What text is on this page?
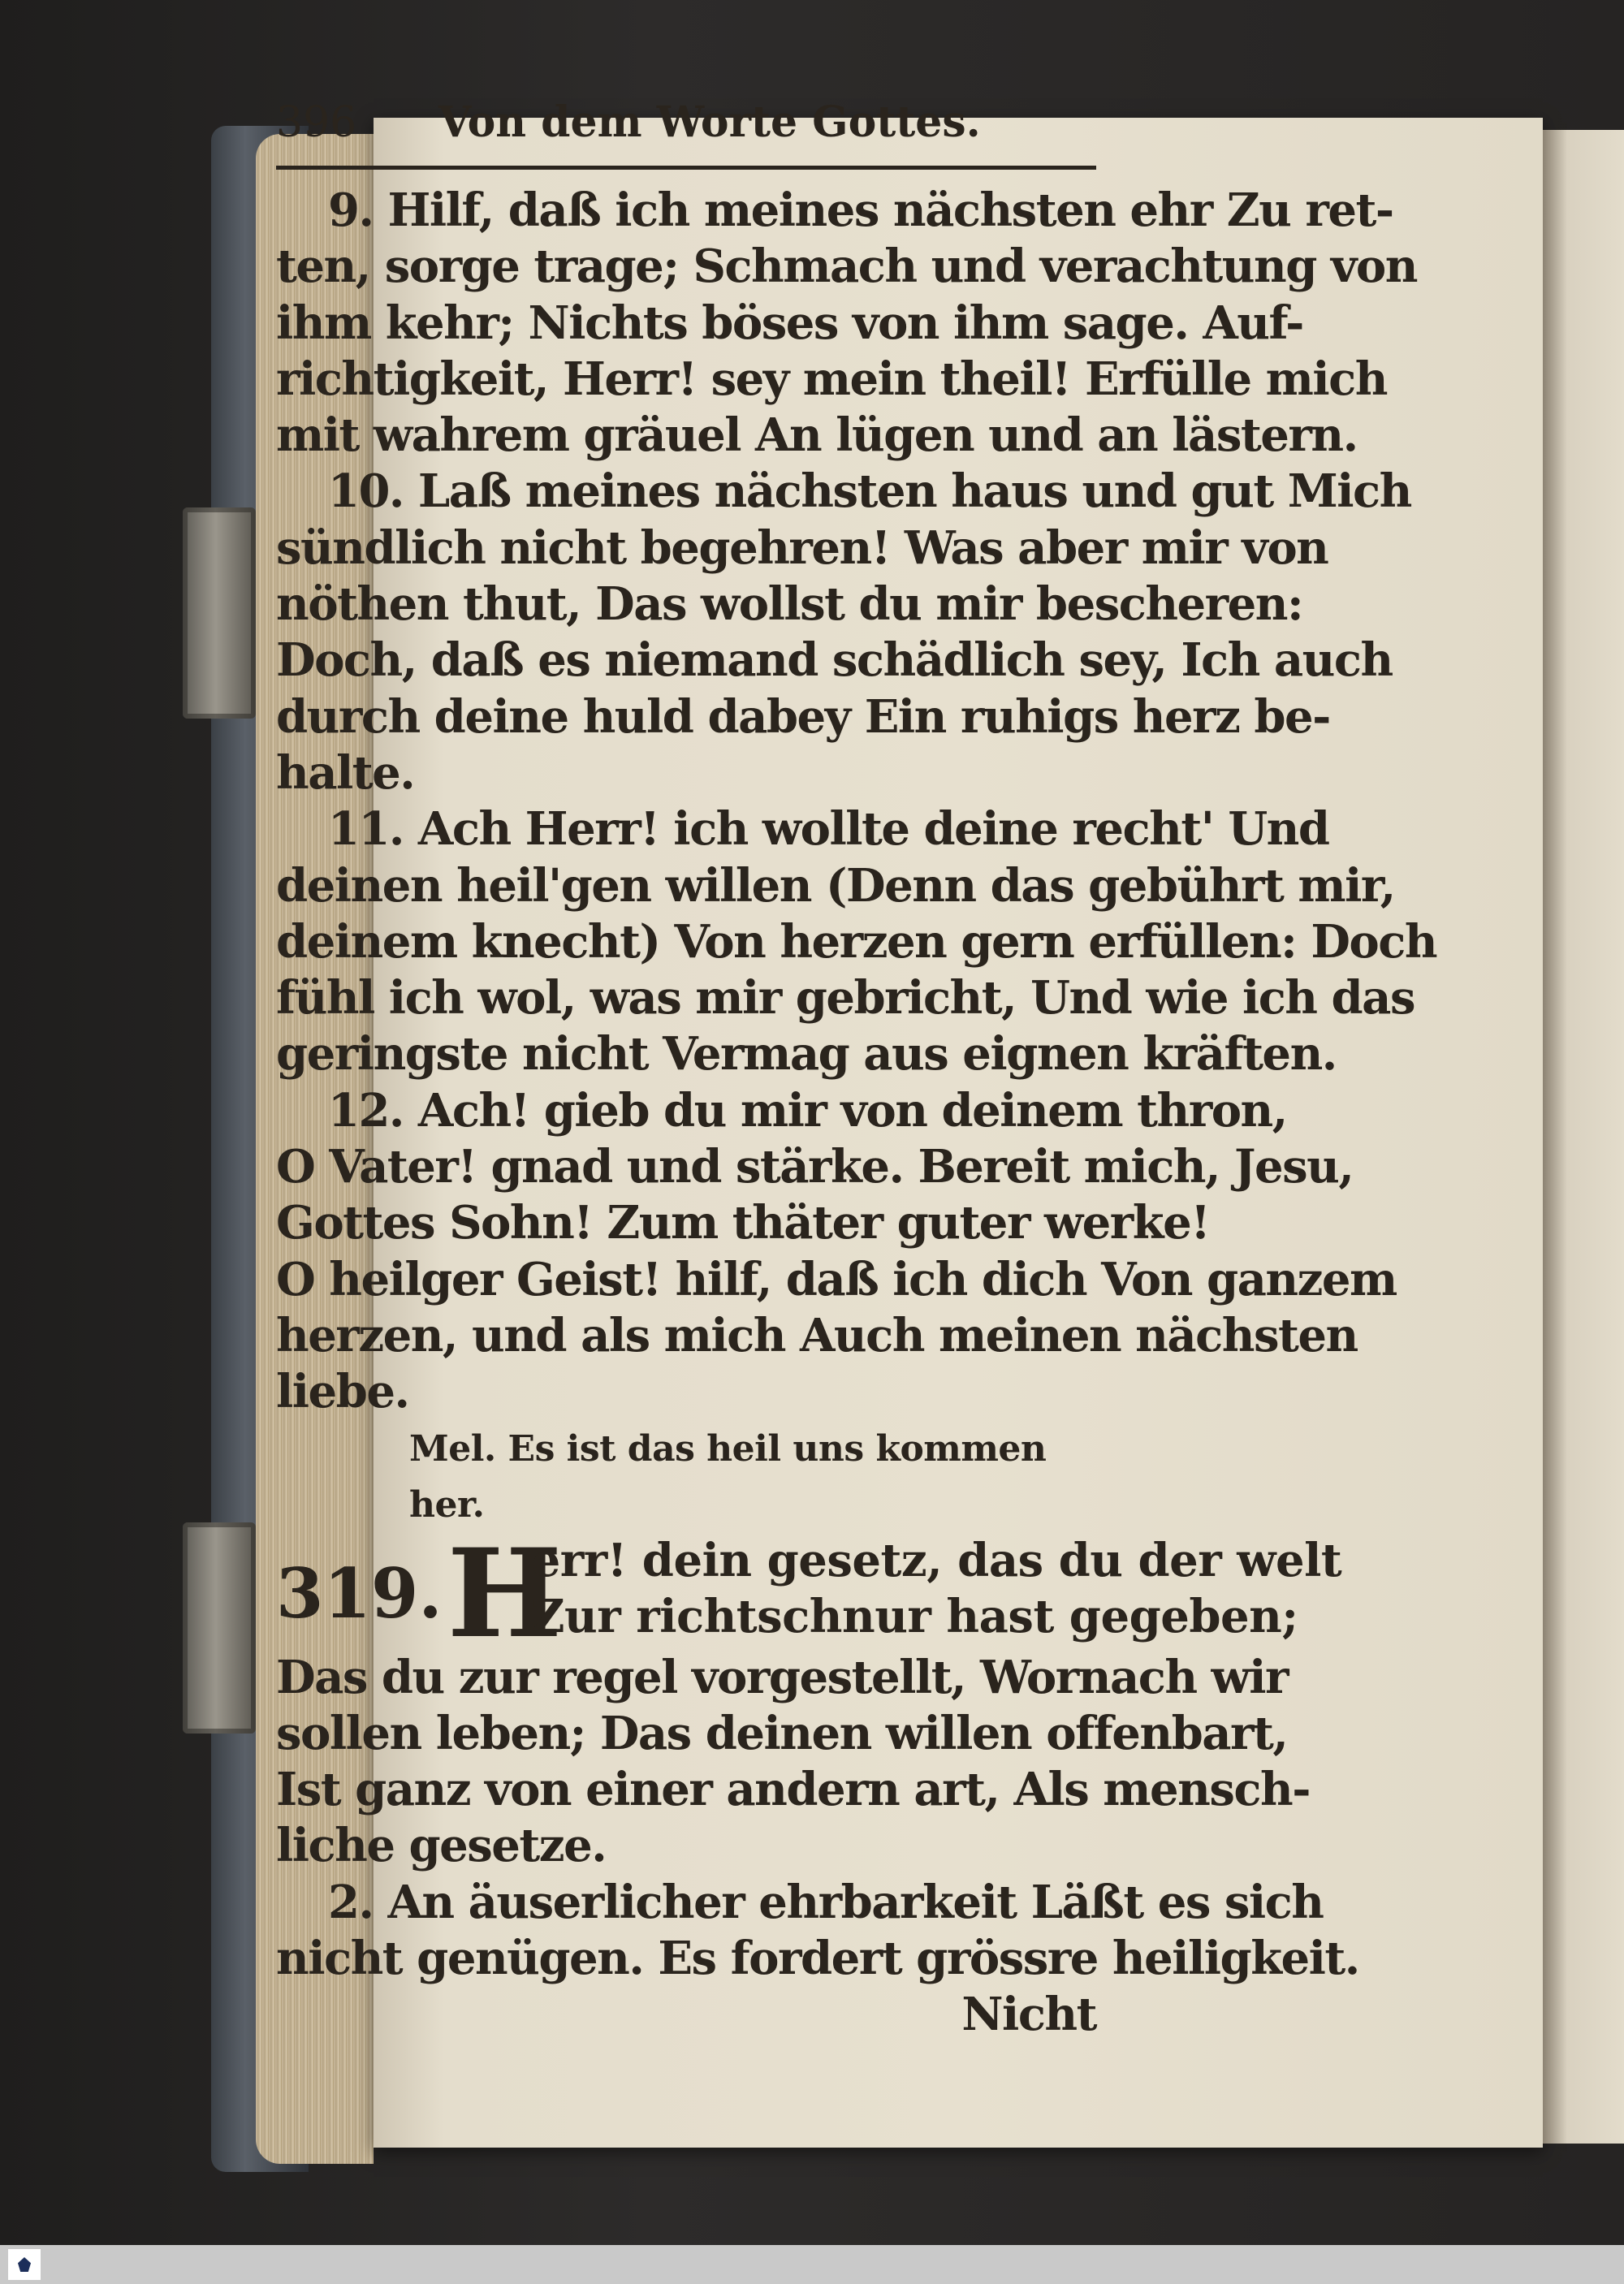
396	Von dem Worte Gottes.
9. Hilf, daß ich meines nächsten ehr Zu ret-
ten, sorge trage; Schmach und verachtung von
ihm kehr; Nichts böses von ihm sage. Auf-
richtigkeit, Herr! sey mein theil! Erfülle mich
mit wahrem gräuel An lügen und an lästern.
10. Laß meines nächsten haus und gut Mich
sündlich nicht begehren! Was aber mir von
nöthen thut, Das wollst du mir bescheren:
Doch, daß es niemand schädlich sey, Ich auch
durch deine huld dabey Ein ruhigs herz be-
halte.
11. Ach Herr! ich wollte deine recht' Und
deinen heil'gen willen (Denn das gebührt mir,
deinem knecht) Von herzen gern erfüllen: Doch
fühl ich wol, was mir gebricht, Und wie ich das
geringste nicht Vermag aus eignen kräften.
12. Ach! gieb du mir von deinem thron,
O Vater! gnad und stärke. Bereit mich, Jesu,
Gottes Sohn! Zum thäter guter werke!
O heilger Geist! hilf, daß ich dich Von ganzem
herzen, und als mich Auch meinen nächsten
liebe.
Mel. Es ist das heil uns kommen her.
319. H
err! dein gesetz, das du der welt
Zur richtschnur hast gegeben;
Das du zur regel vorgestellt, Wornach wir
sollen leben; Das deinen willen offenbart,
Ist ganz von einer andern art, Als mensch-
liche gesetze.
2. An äuserlicher ehrbarkeit Läßt es sich
nicht genügen. Es fordert grössre heiligkeit.
Nicht
